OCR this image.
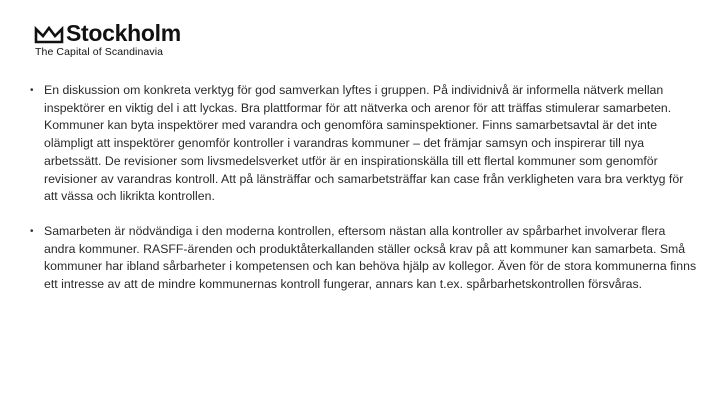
Stockholm
The Capital of Scandinavia
• En diskussion om konkreta verktyg för god samverkan lyftes i gruppen. På individnivå är informella nätverk mellan inspektörer en viktig del i att lyckas. Bra plattformar för att nätverka och arenor för att träffas stimulerar samarbeten. Kommuner kan byta inspektörer med varandra och genomföra saminspektioner. Finns samarbetsavtal är det inte olämpligt att inspektörer genomför kontroller i varandras kommuner – det främjar samsyn och inspirerar till nya arbetssätt. De revisioner som livsmedelsverket utför är en inspirationskälla till ett flertal kommuner som genomför revisioner av varandras kontroll. Att på länsträffar och samarbetsträffar kan case från verkligheten vara bra verktyg för att vässa och likrikta kontrollen.
• Samarbeten är nödvändiga i den moderna kontrollen, eftersom nästan alla kontroller av spårbarhet involverar flera andra kommuner. RASFF-ärenden och produktåterkallanden ställer också krav på att kommuner kan samarbeta. Små kommuner har ibland sårbarheter i kompetensen och kan behöva hjälp av kollegor. Även för de stora kommunerna finns ett intresse av att de mindre kommunernas kontroll fungerar, annars kan t.ex. spårbarhetskontrollen försvåras.
